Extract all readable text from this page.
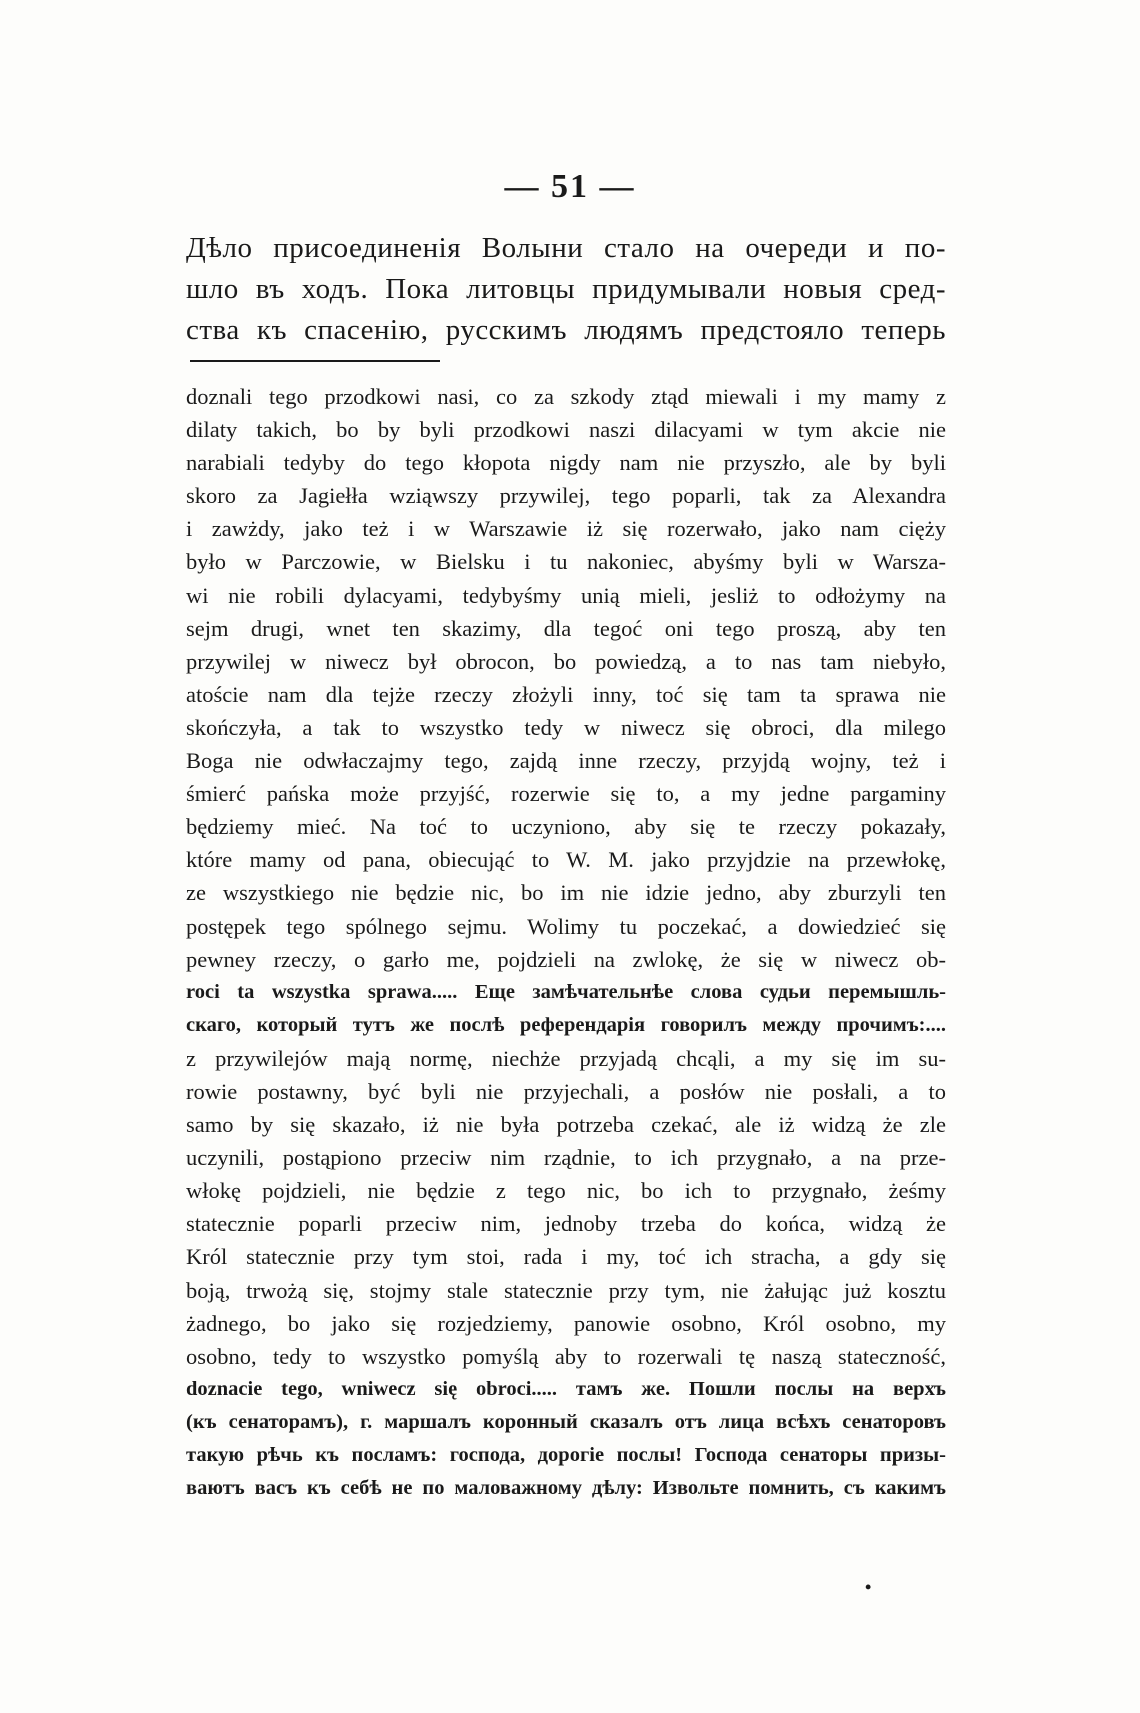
— 51 —
Дѣло присоединенія Волыни стало на очереди и по-
шло въ ходъ. Пока литовцы придумывали новыя сред-
ства къ спасенію, русскимъ людямъ предстояло теперь
doznali tego przodkowi nasi, co za szkody ztąd miewali i my mamy z
dilaty takich, bo by byli przodkowi naszi dilacyami w tym akcie nie
narabiali tedyby do tego kłopota nigdy nam nie przyszło, ale by byli
skoro za Jagiełła wziąwszy przywilej, tego poparli, tak za Alexandra
i zawżdy, jako też i w Warszawie iż się rozerwało, jako nam cięży
było w Parczowie, w Bielsku i tu nakoniec, abyśmy byli w Warsza-
wi nie robili dylacyami, tedybyśmy unią mieli, jesliż to odłożymy na
sejm drugi, wnet ten skazimy, dla tegoć oni tego proszą, aby ten
przywilej w niwecz był obrocon, bo powiedzą, a to nas tam niebyło,
atoście nam dla tejże rzeczy złożyli inny, toć się tam ta sprawa nie
skończyła, a tak to wszystko tedy w niwecz się obroci, dla milego
Boga nie odwłaczajmy tego, zajdą inne rzeczy, przyjdą wojny, też i
śmierć pańska może przyjść, rozerwie się to, a my jedne pargaminy
będziemy mieć. Na toć to uczyniono, aby się te rzeczy pokazały,
które mamy od pana, obiecująć to W. M. jako przyjdzie na przewłokę,
ze wszystkiego nie będzie nic, bo im nie idzie jedno, aby zburzyli ten
postępek tego spólnego sejmu. Wolimy tu poczekać, a dowiedzieć się
pewney rzeczy, o garło me, pojdzieli na zwlokę, że się w niwecz ob-
roci ta wszystka sprawa..... Еще замѣчательнѣе слова судьи перемышль-
скаго, который тутъ же послѣ референдарія говорилъ между прочимъ:....
z przywilejów mają normę, niechże przyjadą chcąli, a my się im su-
rowie postawny, być byli nie przyjechali, a posłów nie posłali, a to
samo by się skazało, iż nie była potrzeba czekać, ale iż widzą że zle
uczynili, postąpiono przeciw nim rządnie, to ich przygnało, a na prze-
włokę pojdzieli, nie będzie z tego nic, bo ich to przygnało, żeśmy
statecznie poparli przeciw nim, jednoby trzeba do końca, widzą że
Król statecznie przy tym stoi, rada i my, toć ich stracha, a gdy się
boją, trwożą się, stojmy stale statecznie przy tym, nie żałując już kosztu
żadnego, bo jako się rozjedziemy, panowie osobno, Król osobno, my
osobno, tedy to wszystko pomyślą aby to rozerwali tę naszą stateczność,
doznacie tego, wniwecz się obroci..... тамъ же. Пошли послы на верхъ
(къ сенаторамъ), г. маршалъ коронный сказалъ отъ лица всѣхъ сенаторовъ
такую рѣчь къ посламъ: господа, дорогіе послы! Господа сенаторы призы-
ваютъ васъ къ себѣ не по маловажному дѣлу: Извольте помнить, съ какимъ
•
